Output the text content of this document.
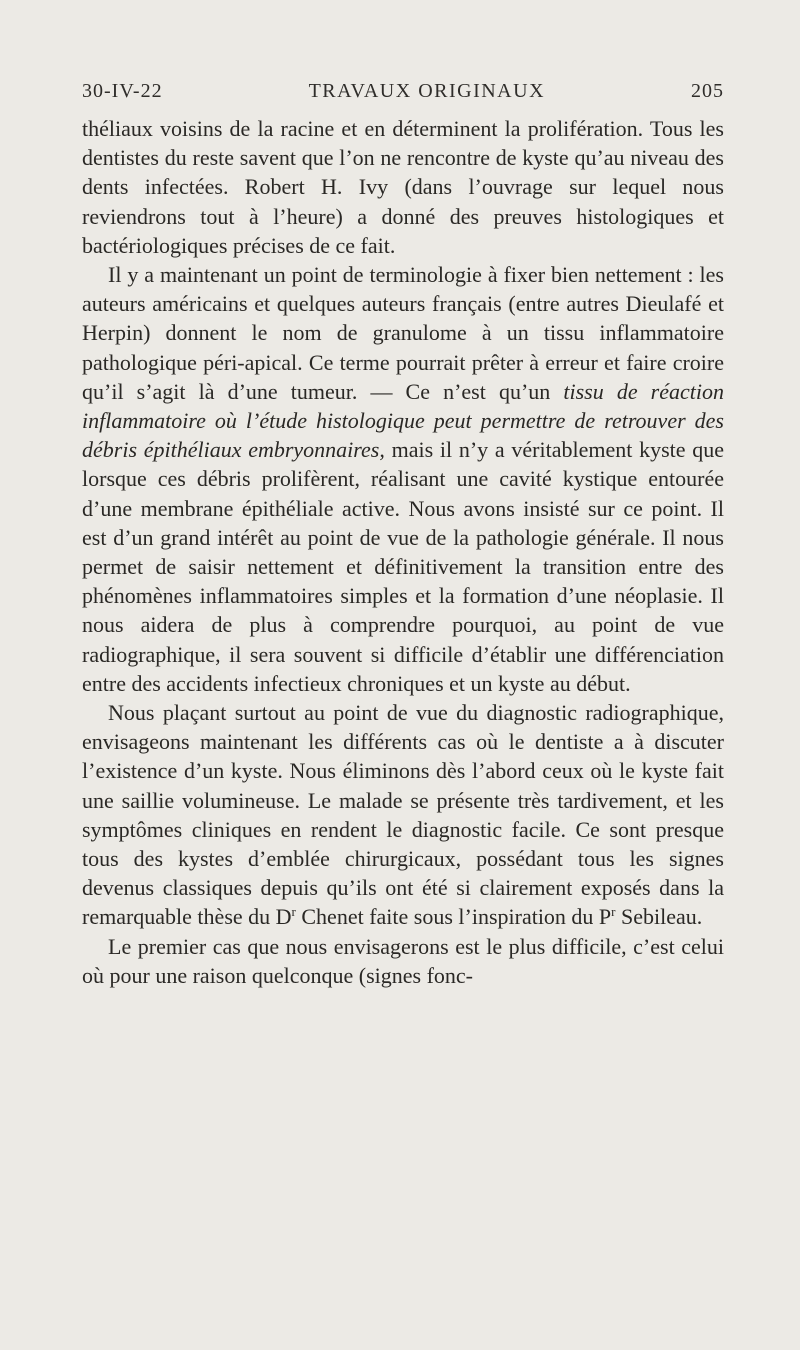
30-IV-22	TRAVAUX ORIGINAUX	205

théliaux voisins de la racine et en déterminent la prolifération. Tous les dentistes du reste savent que l’on ne rencontre de kyste qu’au niveau des dents infectées. Robert H. Ivy (dans l’ouvrage sur lequel nous reviendrons tout à l’heure) a donné des preuves histologiques et bactériologiques précises de ce fait.

Il y a maintenant un point de terminologie à fixer bien nettement : les auteurs américains et quelques auteurs français (entre autres Dieulafé et Herpin) donnent le nom de granulome à un tissu inflammatoire pathologique péri-apical. Ce terme pourrait prêter à erreur et faire croire qu’il s’agit là d’une tumeur. — Ce n’est qu’un tissu de réaction inflammatoire où l’étude histologique peut permettre de retrouver des débris épithéliaux embryonnaires, mais il n’y a véritablement kyste que lorsque ces débris prolifèrent, réalisant une cavité kystique entourée d’une membrane épithéliale active. Nous avons insisté sur ce point. Il est d’un grand intérêt au point de vue de la pathologie générale. Il nous permet de saisir nettement et définitivement la transition entre des phénomènes inflammatoires simples et la formation d’une néoplasie. Il nous aidera de plus à comprendre pourquoi, au point de vue radiographique, il sera souvent si difficile d’établir une différenciation entre des accidents infectieux chroniques et un kyste au début.

Nous plaçant surtout au point de vue du diagnostic radiographique, envisageons maintenant les différents cas où le dentiste a à discuter l’existence d’un kyste. Nous éliminons dès l’abord ceux où le kyste fait une saillie volumineuse. Le malade se présente très tardivement, et les symptômes cliniques en rendent le diagnostic facile. Ce sont presque tous des kystes d’emblée chirurgicaux, possédant tous les signes devenus classiques depuis qu’ils ont été si clairement exposés dans la remarquable thèse du $D^r$ Chenet faite sous l’inspiration du $P^r$ Sebileau.

Le premier cas que nous envisagerons est le plus difficile, c’est celui où pour une raison quelconque (signes fonc-
